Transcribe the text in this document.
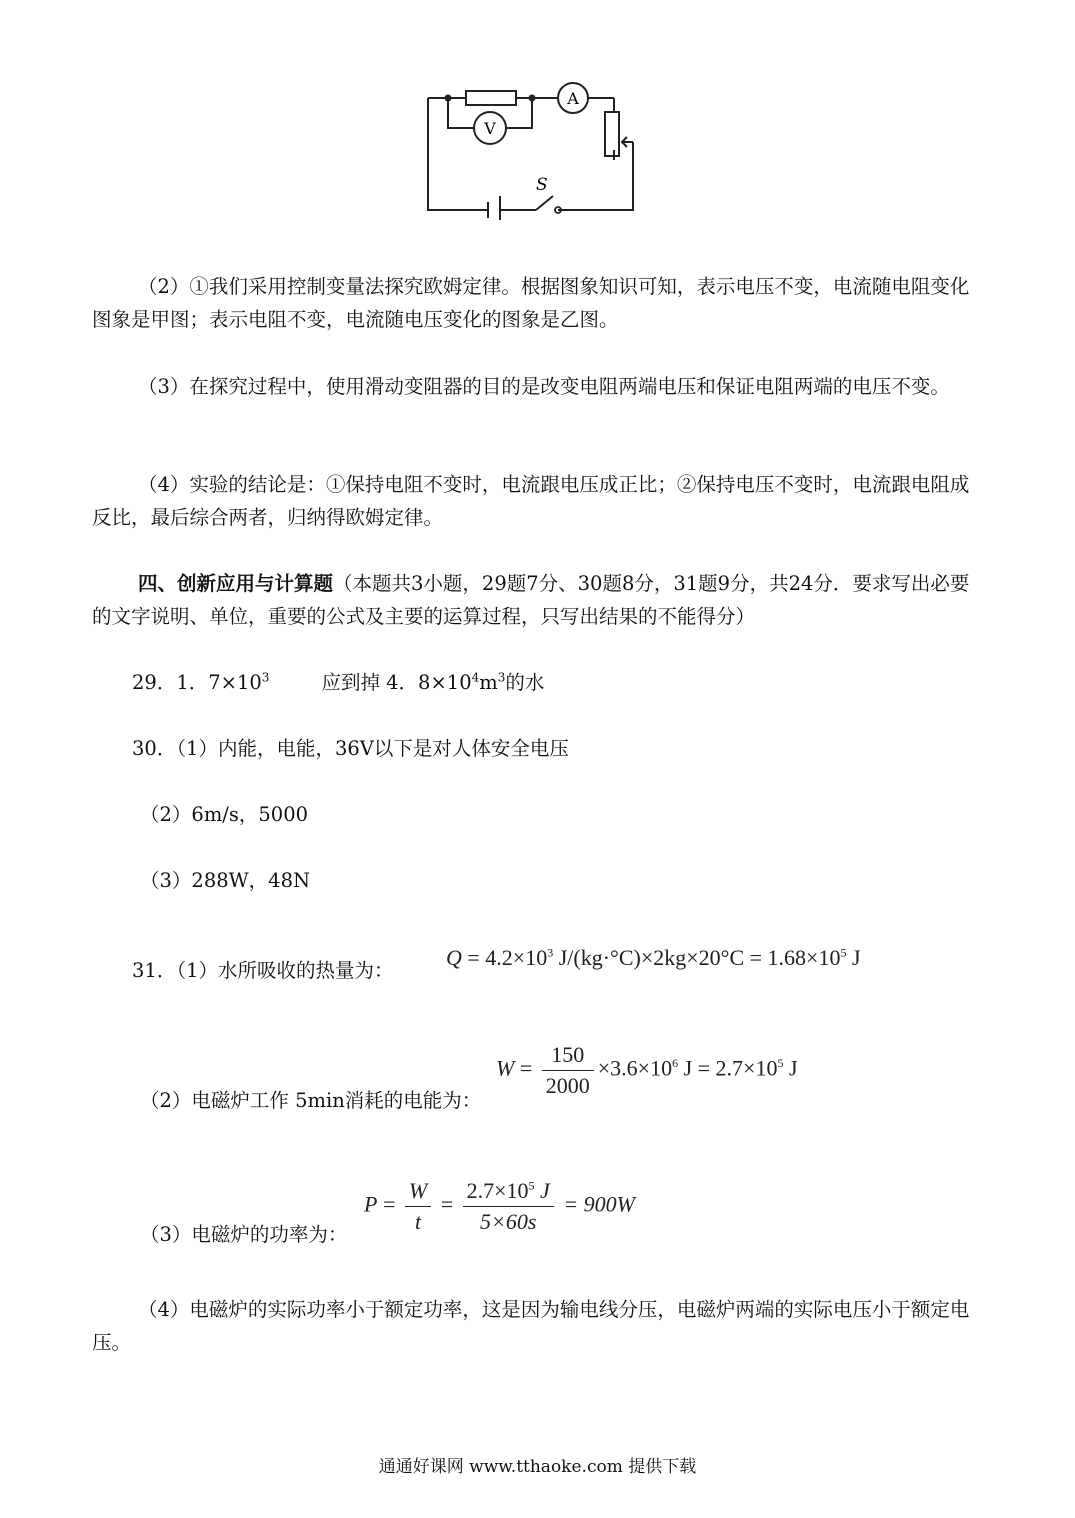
A
V
S

（2）①我们采用控制变量法探究欧姆定律。根据图象知识可知，表示电压不变，电流随电阻变化图象是甲图；表示电阻不变，电流随电压变化的图象是乙图。

（3）在探究过程中，使用滑动变阻器的目的是改变电阻两端电压和保证电阻两端的电压不变。

（4）实验的结论是：①保持电阻不变时，电流跟电压成正比；②保持电压不变时，电流跟电阻成反比，最后综合两者，归纳得欧姆定律。

四、创新应用与计算题（本题共3小题，29题7分、30题8分，31题9分，共24分．要求写出必要的文字说明、单位，重要的公式及主要的运算过程，只写出结果的不能得分）

29．1．$7\times 10^3$	应到掉 4．$8\times 10^4m^3$的水
30．（1）内能，电能，36V以下是对人体安全电压
（2）6m/s，5000
（3）288W，48N
31．（1）水所吸收的热量为：
$Q = 4.2\times 10^3$ $J/(kg\cdot^\circ C)\times 2kg\times 20^\circ C = 1.68\times 10^5$ J
$W = \frac{150}{2000} \times 3.6\times 10^6$ $J = 2.7\times 10^5$ J
（2）电磁炉工作 5min消耗的电能为：
$P = \frac{W}{t} = \frac{2.7\times 10^5 J}{5\times 60s} = 900W$
（3）电磁炉的功率为：

（4）电磁炉的实际功率小于额定功率，这是因为输电线分压，电磁炉两端的实际电压小于额定电压。

通通好课网 www.tthaoke.com 提供下载
